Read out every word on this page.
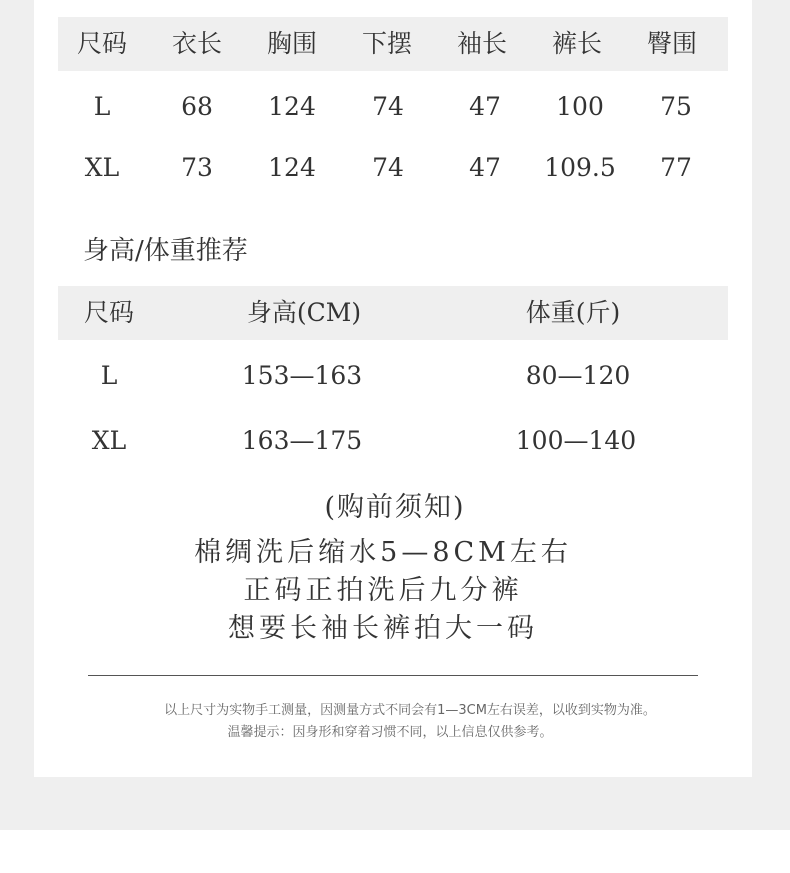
尺码 衣长 胸围 下摆 袖长 裤长 臀围
L	68 124 74	47 100 75
XL 73 124 74	47 109.5 77
身高/体重推荐
尺码	身高(CM)	体重(斤)
L	153—163	80—120
XL	163—175	100—140
(购前须知)
棉绸洗后缩水5—8CM左右
正码正拍洗后九分裤
想要长袖长裤拍大一码
以上尺寸为实物手工测量，因测量方式不同会有1—3CM左右误差，以收到实物为准。
温馨提示：因身形和穿着习惯不同，以上信息仅供参考。
